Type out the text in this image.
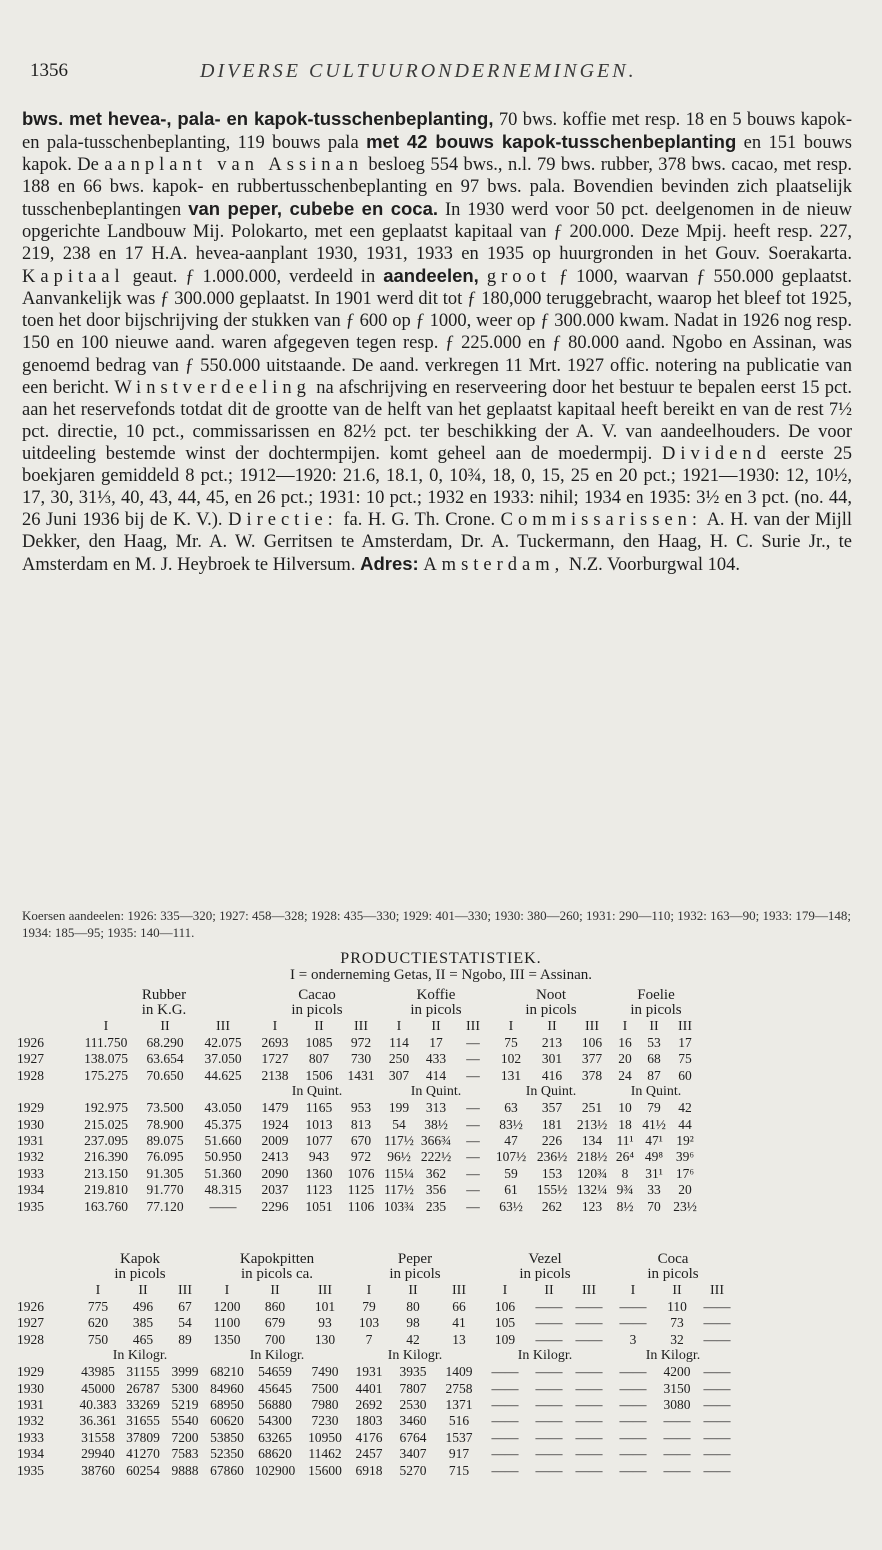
1356	DIVERSE CULTUURONDERNEMINGEN.

bws. met hevea-, pala- en kapok-tusschenbeplanting, 70 bws. koffie met resp. 18 en 5 bouws kapok- en pala-tusschenbeplanting, 119 bouws pala met 42 bouws kapok-tusschenbeplanting en 151 bouws kapok. De aanplant van Assinan besloeg 554 bws., n.l. 79 bws. rubber, 378 bws. cacao, met resp. 188 en 66 bws. kapok- en rubbertusschenbeplanting en 97 bws. pala. Bovendien bevinden zich plaatselijk tusschenbeplantingen van peper, cubebe en coca. In 1930 werd voor 50 pct. deelgenomen in de nieuw opgerichte Landbouw Mij. Polokarto, met een geplaatst kapitaal van ƒ 200.000. Deze Mpij. heeft resp. 227, 219, 238 en 17 H.A. hevea-aanplant 1930, 1931, 1933 en 1935 op huurgronden in het Gouv. Soerakarta. Kapitaal geaut. ƒ 1.000.000, verdeeld in aandeelen, groot ƒ 1000, waarvan ƒ 550.000 geplaatst. Aanvankelijk was ƒ 300.000 geplaatst. In 1901 werd dit tot ƒ 180,000 teruggebracht, waarop het bleef tot 1925, toen het door bijschrijving der stukken van ƒ 600 op ƒ 1000, weer op ƒ 300.000 kwam. Nadat in 1926 nog resp. 150 en 100 nieuwe aand. waren afgegeven tegen resp. ƒ 225.000 en ƒ 80.000 aand. Ngobo en Assinan, was genoemd bedrag van ƒ 550.000 uitstaande. De aand. verkregen 11 Mrt. 1927 offic. notering na publicatie van een bericht. Winstverdeeling na afschrijving en reserveering door het bestuur te bepalen eerst 15 pct. aan het reservefonds totdat dit de grootte van de helft van het geplaatst kapitaal heeft bereikt en van de rest 7½ pct. directie, 10 pct., commissarissen en 82½ pct. ter beschikking der A. V. van aandeelhouders. De voor uitdeeling bestemde winst der dochtermpijen. komt geheel aan de moedermpij. Dividend eerste 25 boekjaren gemiddeld 8 pct.; 1912—1920: 21.6, 18.1, 0, 10¾, 18, 0, 15, 25 en 20 pct.; 1921—1930: 12, 10½, 17, 30, 31⅓, 40, 43, 44, 45, en 26 pct.; 1931: 10 pct.; 1932 en 1933: nihil; 1934 en 1935: 3½ en 3 pct. (no. 44, 26 Juni 1936 bij de K. V.). Directie: fa. H. G. Th. Crone. Commissarissen: A. H. van der Mijll Dekker, den Haag, Mr. A. W. Gerritsen te Amsterdam, Dr. A. Tuckermann, den Haag, H. C. Surie Jr., te Amsterdam en M. J. Heybroek te Hilversum. Adres: Amsterdam, N.Z. Voorburgwal 104.

Koersen aandeelen: 1926: 335—320; 1927: 458—328; 1928: 435—330; 1929: 401—330; 1930: 380—260; 1931: 290—110; 1932: 163—90; 1933: 179—148; 1934: 185—95; 1935: 140—111.

PRODUCTIESTATISTIEK.
I = onderneming Getas, II = Ngobo, III = Assinan.
	Rubber			Cacao			Koffie			Noot			Foelie		
	in K.G.			in picols			in picols			in picols			in picols		
	I	II	III	I	II	III	I	II	III	I	II	III	I	II	III
1926	111.750	68.290	42.075	2693	1085	972	114	17	—	75	213	106	16	53	17
1927	138.075	63.654	37.050	1727	807	730	250	433	—	102	301	377	20	68	75
1928	175.275	70.650	44.625	2138	1506	1431	307	414	—	131	416	378	24	87	60
				In Quint.			In Quint.			In Quint.			In Quint.		
1929	192.975	73.500	43.050	1479	1165	953	199	313	—	63	357	251	10	79	42
1930	215.025	78.900	45.375	1924	1013	813	54	38½	—	83½	181	213½	18	41½	44
1931	237.095	89.075	51.660	2009	1077	670	117½	366¾	—	47	226	134	11¹	47¹	19²
1932	216.390	76.095	50.950	2413	943	972	96½	222½	—	107½	236½	218½	26⁴	49⁸	39⁶
1933	213.150	91.305	51.360	2090	1360	1076	115¼	362	—	59	153	120¾	8	31¹	17⁶
1934	219.810	91.770	48.315	2037	1123	1125	117½	356	—	61	155½	132¼	9¾	33	20
1935	163.760	77.120	——	2296	1051	1106	103¾	235	—	63½	262	123	8½	70	23½
	Kapok			Kapokpitten			Peper			Vezel			Coca		
	in picols			in picols ca.			in picols			in picols			in picols		
	I	II	III	I	II	III	I	II	III	I	II	III	I	II	III
1926	775	496	67	1200	860	101	79	80	66	106	——	——	——	110	——
1927	620	385	54	1100	679	93	103	98	41	105	——	——	——	73	——
1928	750	465	89	1350	700	130	7	42	13	109	——	——	3	32	——
	In Kilogr.			In Kilogr.			In Kilogr.			In Kilogr.			In Kilogr.		
1929	43985	31155	3999	68210	54659	7490	1931	3935	1409	——	——	——	——	4200	——
1930	45000	26787	5300	84960	45645	7500	4401	7807	2758	——	——	——	——	3150	——
1931	40.383	33269	5219	68950	56880	7980	2692	2530	1371	——	——	——	——	3080	——
1932	36.361	31655	5540	60620	54300	7230	1803	3460	516	——	——	——	——	——	——
1933	31558	37809	7200	53850	63265	10950	4176	6764	1537	——	——	——	——	——	——
1934	29940	41270	7583	52350	68620	11462	2457	3407	917	——	——	——	——	——	——
1935	38760	60254	9888	67860	102900	15600	6918	5270	715	——	——	——	——	——	——
